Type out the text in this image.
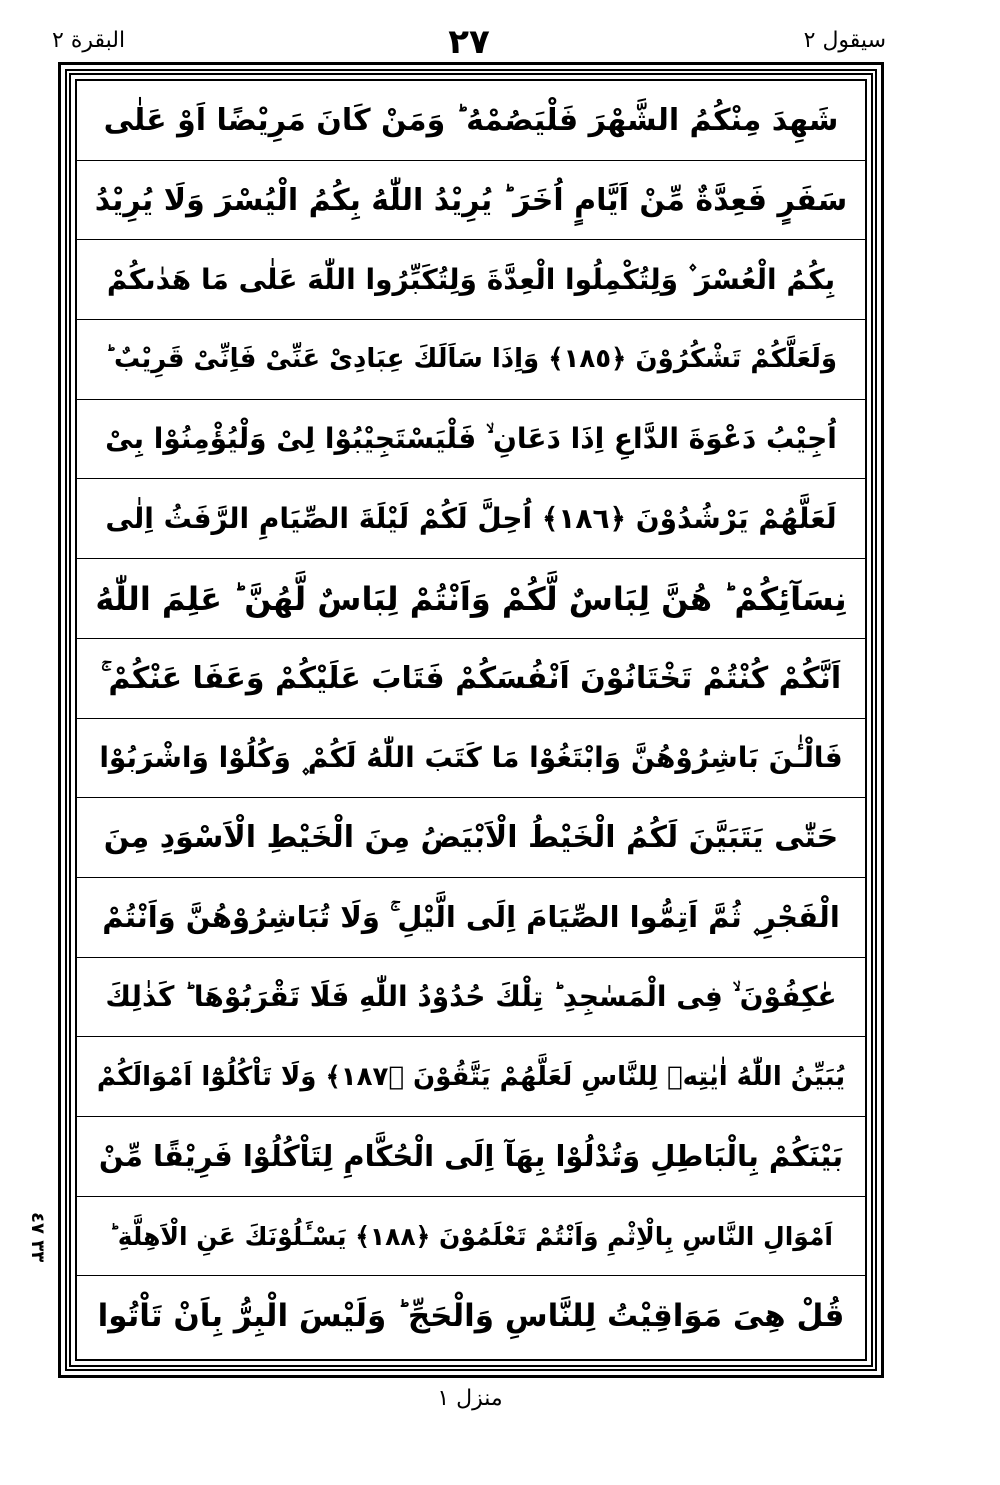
البقرة ٢	٢٧	سيقول ٢
٣٣ ٤٧
شَهِدَ مِنْكُمُ الشَّهْرَ فَلْيَصُمْهُ ؕ وَمَنْ كَانَ مَرِيْضًا اَوْ عَلٰى
سَفَرٍ فَعِدَّةٌ مِّنْ اَيَّامٍ اُخَرَ ؕ يُرِيْدُ اللّٰهُ بِكُمُ الْيُسْرَ وَلَا يُرِيْدُ
بِكُمُ الْعُسْرَ ۫ وَلِتُكْمِلُوا الْعِدَّةَ وَلِتُكَبِّرُوا اللّٰهَ عَلٰى مَا هَدٰىكُمْ
وَلَعَلَّكُمْ تَشْكُرُوْنَ ﴿١٨٥﴾ وَاِذَا سَاَلَكَ عِبَادِىْ عَنِّىْ فَاِنِّىْ قَرِيْبٌ ؕ
اُجِيْبُ دَعْوَةَ الدَّاعِ اِذَا دَعَانِ ۙ فَلْيَسْتَجِيْبُوْا لِىْ وَلْيُؤْمِنُوْا بِىْ
لَعَلَّهُمْ يَرْشُدُوْنَ ﴿١٨٦﴾ اُحِلَّ لَكُمْ لَيْلَةَ الصِّيَامِ الرَّفَثُ اِلٰى
نِسَآئِكُمْ ؕ هُنَّ لِبَاسٌ لَّكُمْ وَاَنْتُمْ لِبَاسٌ لَّهُنَّ ؕ عَلِمَ اللّٰهُ
اَنَّكُمْ كُنْتُمْ تَخْتَانُوْنَ اَنْفُسَكُمْ فَتَابَ عَلَيْكُمْ وَعَفَا عَنْكُمْ ۚ
فَالْـٰٔنَ بَاشِرُوْهُنَّ وَابْتَغُوْا مَا كَتَبَ اللّٰهُ لَكُمْ ۪ وَكُلُوْا وَاشْرَبُوْا
حَتّٰى يَتَبَيَّنَ لَكُمُ الْخَيْطُ الْاَبْيَضُ مِنَ الْخَيْطِ الْاَسْوَدِ مِنَ
الْفَجْرِ ۪ ثُمَّ اَتِمُّوا الصِّيَامَ اِلَى الَّيْلِ ۚ وَلَا تُبَاشِرُوْهُنَّ وَاَنْتُمْ
عٰكِفُوْنَ ۙ فِى الْمَسٰجِدِ ؕ تِلْكَ حُدُوْدُ اللّٰهِ فَلَا تَقْرَبُوْهَا ؕ كَذٰلِكَ
يُبَيِّنُ اللّٰهُ اٰيٰتِهٖ لِلنَّاسِ لَعَلَّهُمْ يَتَّقُوْنَ ﴿١٨٧﴾ وَلَا تَاْكُلُوْٓا اَمْوَالَكُمْ
بَيْنَكُمْ بِالْبَاطِلِ وَتُدْلُوْا بِهَآ اِلَى الْحُكَّامِ لِتَاْكُلُوْا فَرِيْقًا مِّنْ
اَمْوَالِ النَّاسِ بِالْاِثْمِ وَاَنْتُمْ تَعْلَمُوْنَ ﴿١٨٨﴾ يَسْـَٔلُوْنَكَ عَنِ الْاَهِلَّةِ ؕ
قُلْ هِىَ مَوَاقِيْتُ لِلنَّاسِ وَالْحَجِّ ؕ وَلَيْسَ الْبِرُّ بِاَنْ تَاْتُوا
منزل ١
